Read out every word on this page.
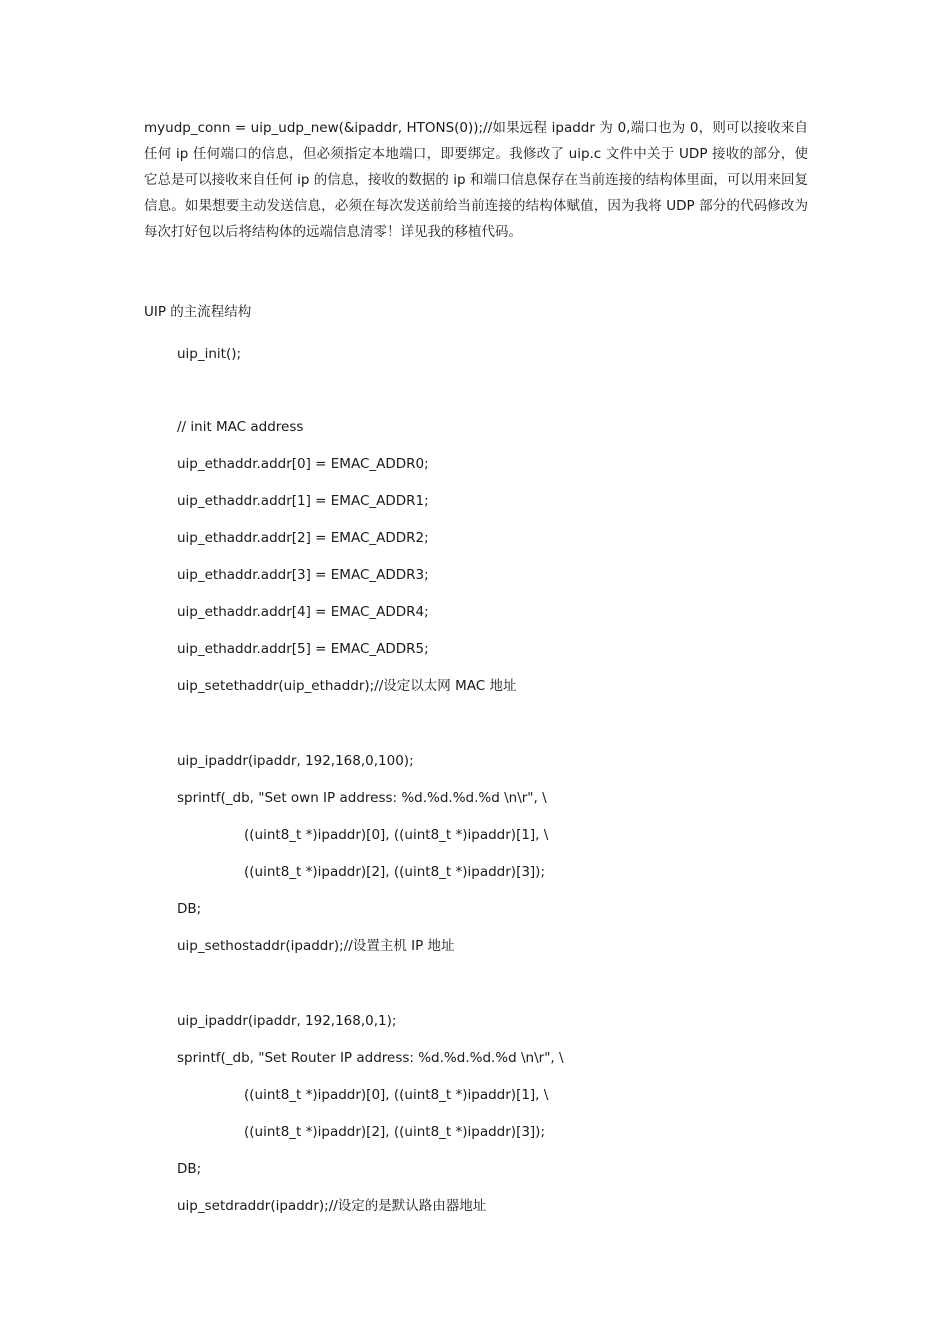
myudp_conn = uip_udp_new(&ipaddr, HTONS(0));//如果远程 ipaddr 为 0,端口也为 0，则可以接收来自任何 ip 任何端口的信息，但必须指定本地端口，即要绑定。我修改了 uip.c 文件中关于 UDP 接收的部分，使它总是可以接收来自任何 ip 的信息，接收的数据的 ip 和端口信息保存在当前连接的结构体里面，可以用来回复信息。如果想要主动发送信息，必须在每次发送前给当前连接的结构体赋值，因为我将 UDP 部分的代码修改为每次打好包以后将结构体的远端信息清零！详见我的移植代码。

UIP 的主流程结构

uip_init();

// init MAC address

uip_ethaddr.addr[0] = EMAC_ADDR0;

uip_ethaddr.addr[1] = EMAC_ADDR1;

uip_ethaddr.addr[2] = EMAC_ADDR2;

uip_ethaddr.addr[3] = EMAC_ADDR3;

uip_ethaddr.addr[4] = EMAC_ADDR4;

uip_ethaddr.addr[5] = EMAC_ADDR5;

uip_setethaddr(uip_ethaddr);//设定以太网 MAC 地址

uip_ipaddr(ipaddr, 192,168,0,100);

sprintf(_db, "Set own IP address: %d.%d.%d.%d \n\r", \

((uint8_t *)ipaddr)[0], ((uint8_t *)ipaddr)[1], \

((uint8_t *)ipaddr)[2], ((uint8_t *)ipaddr)[3]);

DB;

uip_sethostaddr(ipaddr);//设置主机 IP 地址

uip_ipaddr(ipaddr, 192,168,0,1);

sprintf(_db, "Set Router IP address: %d.%d.%d.%d \n\r", \

((uint8_t *)ipaddr)[0], ((uint8_t *)ipaddr)[1], \

((uint8_t *)ipaddr)[2], ((uint8_t *)ipaddr)[3]);

DB;

uip_setdraddr(ipaddr);//设定的是默认路由器地址
